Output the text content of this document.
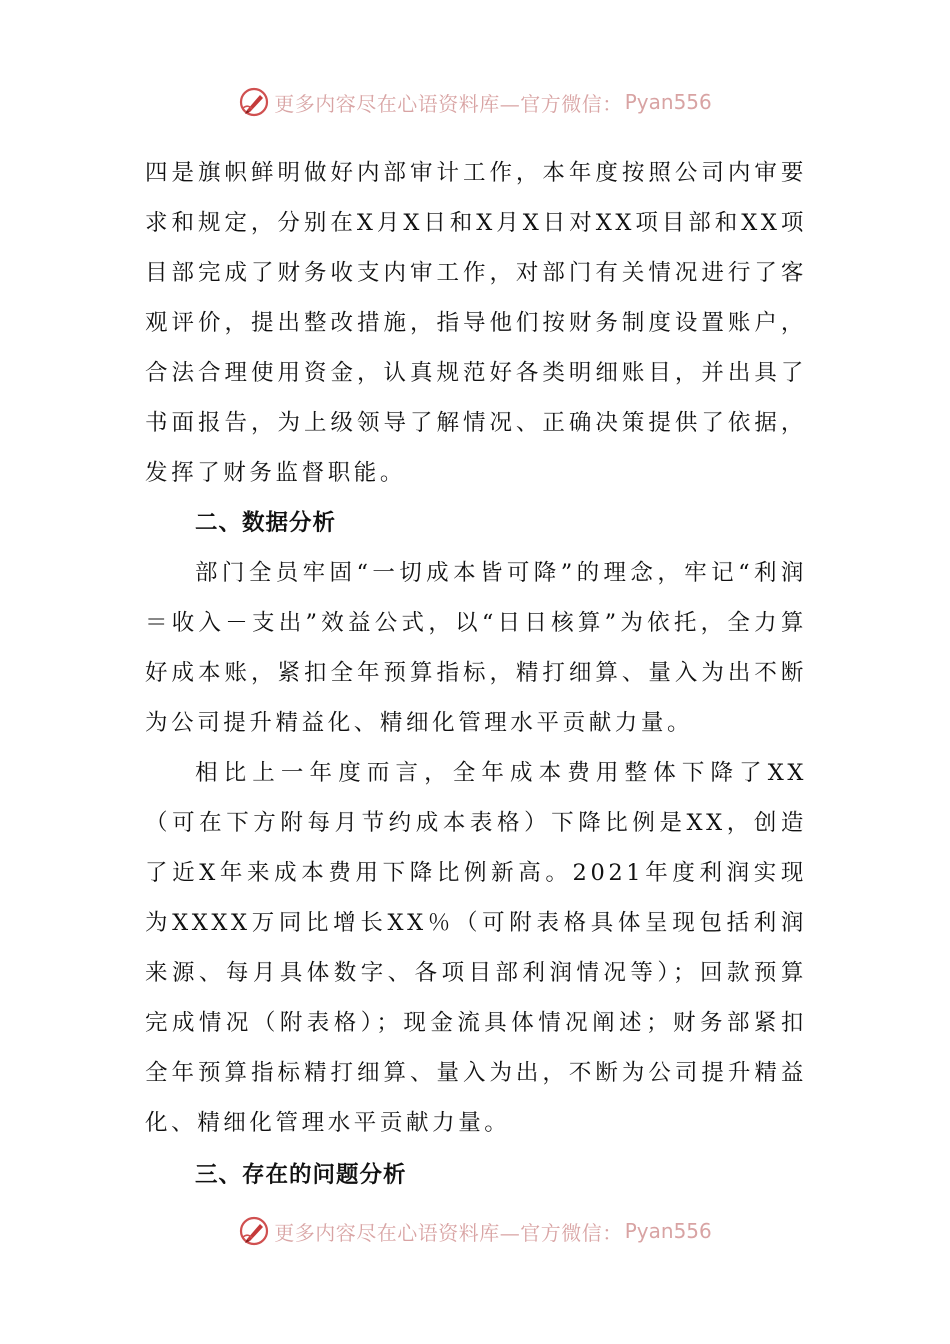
更多内容尽在心语资料库—官方微信： Pyan556

四是旗帜鲜明做好内部审计工作，本年度按照公司内审要求和规定，分别在X月X日和X月X日对XX项目部和XX项目部完成了财务收支内审工作，对部门有关情况进行了客观评价，提出整改措施，指导他们按财务制度设置账户，合法合理使用资金，认真规范好各类明细账目，并出具了书面报告，为上级领导了解情况、正确决策提供了依据，发挥了财务监督职能。

二、数据分析

部门全员牢固“一切成本皆可降”的理念，牢记“利润＝收入－支出”效益公式，以“日日核算”为依托，全力算好成本账，紧扣全年预算指标，精打细算、量入为出不断为公司提升精益化、精细化管理水平贡献力量。

相比上一年度而言，全年成本费用整体下降了XX（可在下方附每月节约成本表格）下降比例是XX，创造了近X年来成本费用下降比例新高。2021年度利润实现为XXXX万同比增长XX％（可附表格具体呈现包括利润来源、每月具体数字、各项目部利润情况等）；回款预算完成情况（附表格）；现金流具体情况阐述；财务部紧扣全年预算指标精打细算、量入为出，不断为公司提升精益化、精细化管理水平贡献力量。

三、存在的问题分析

更多内容尽在心语资料库—官方微信： Pyan556
